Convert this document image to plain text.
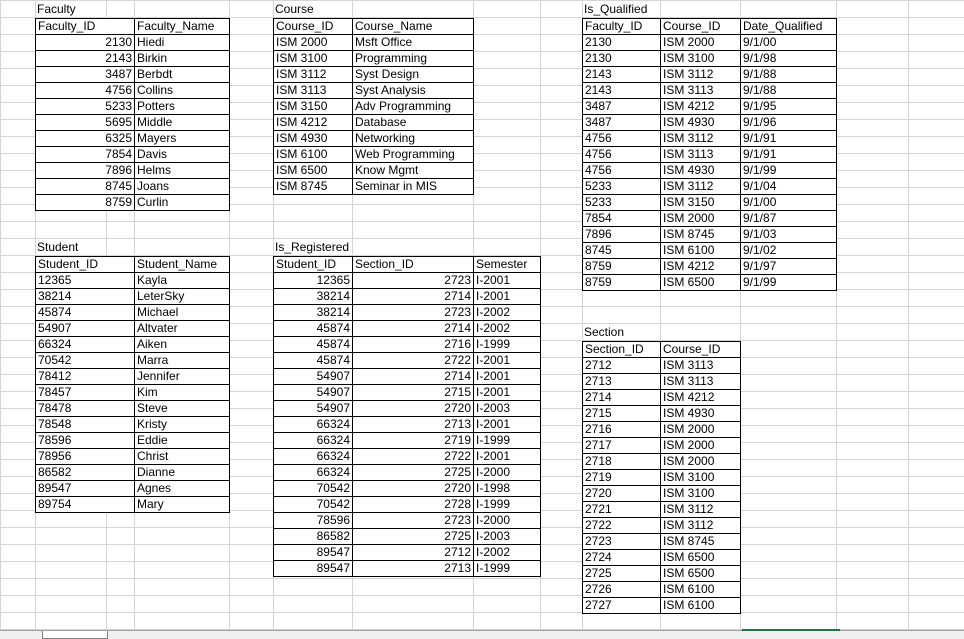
Faculty
Faculty_ID	Faculty_Name
2130	Hiedi
2143	Birkin
3487	Berbdt
4756	Collins
5233	Potters
5695	Middle
6325	Mayers
7854	Davis
7896	Helms
8745	Joans
8759	Curlin
Course
Course_ID	Course_Name
ISM 2000	Msft Office
ISM 3100	Programming
ISM 3112	Syst Design
ISM 3113	Syst Analysis
ISM 3150	Adv Programming
ISM 4212	Database
ISM 4930	Networking
ISM 6100	Web Programming
ISM 6500	Know Mgmt
ISM 8745	Seminar in MIS
Is_Qualified
Faculty_ID	Course_ID	Date_Qualified
2130	ISM 2000	9/1/00
2130	ISM 3100	9/1/98
2143	ISM 3112	9/1/88
2143	ISM 3113	9/1/88
3487	ISM 4212	9/1/95
3487	ISM 4930	9/1/96
4756	ISM 3112	9/1/91
4756	ISM 3113	9/1/91
4756	ISM 4930	9/1/99
5233	ISM 3112	9/1/04
5233	ISM 3150	9/1/00
7854	ISM 2000	9/1/87
7896	ISM 8745	9/1/03
8745	ISM 6100	9/1/02
8759	ISM 4212	9/1/97
8759	ISM 6500	9/1/99
Student
Student_ID	Student_Name
12365	Kayla
38214	LeterSky
45874	Michael
54907	Altvater
66324	Aiken
70542	Marra
78412	Jennifer
78457	Kim
78478	Steve
78548	Kristy
78596	Eddie
78956	Christ
86582	Dianne
89547	Agnes
89754	Mary
Is_Registered
Student_ID	Section_ID	Semester
12365	2723	I-2001
38214	2714	I-2001
38214	2723	I-2002
45874	2714	I-2002
45874	2716	I-1999
45874	2722	I-2001
54907	2714	I-2001
54907	2715	I-2001
54907	2720	I-2003
66324	2713	I-2001
66324	2719	I-1999
66324	2722	I-2001
66324	2725	I-2000
70542	2720	I-1998
70542	2728	I-1999
78596	2723	I-2000
86582	2725	I-2003
89547	2712	I-2002
89547	2713	I-1999
Section
Section_ID	Course_ID
2712	ISM 3113
2713	ISM 3113
2714	ISM 4212
2715	ISM 4930
2716	ISM 2000
2717	ISM 2000
2718	ISM 2000
2719	ISM 3100
2720	ISM 3100
2721	ISM 3112
2722	ISM 3112
2723	ISM 8745
2724	ISM 6500
2725	ISM 6500
2726	ISM 6100
2727	ISM 6100
